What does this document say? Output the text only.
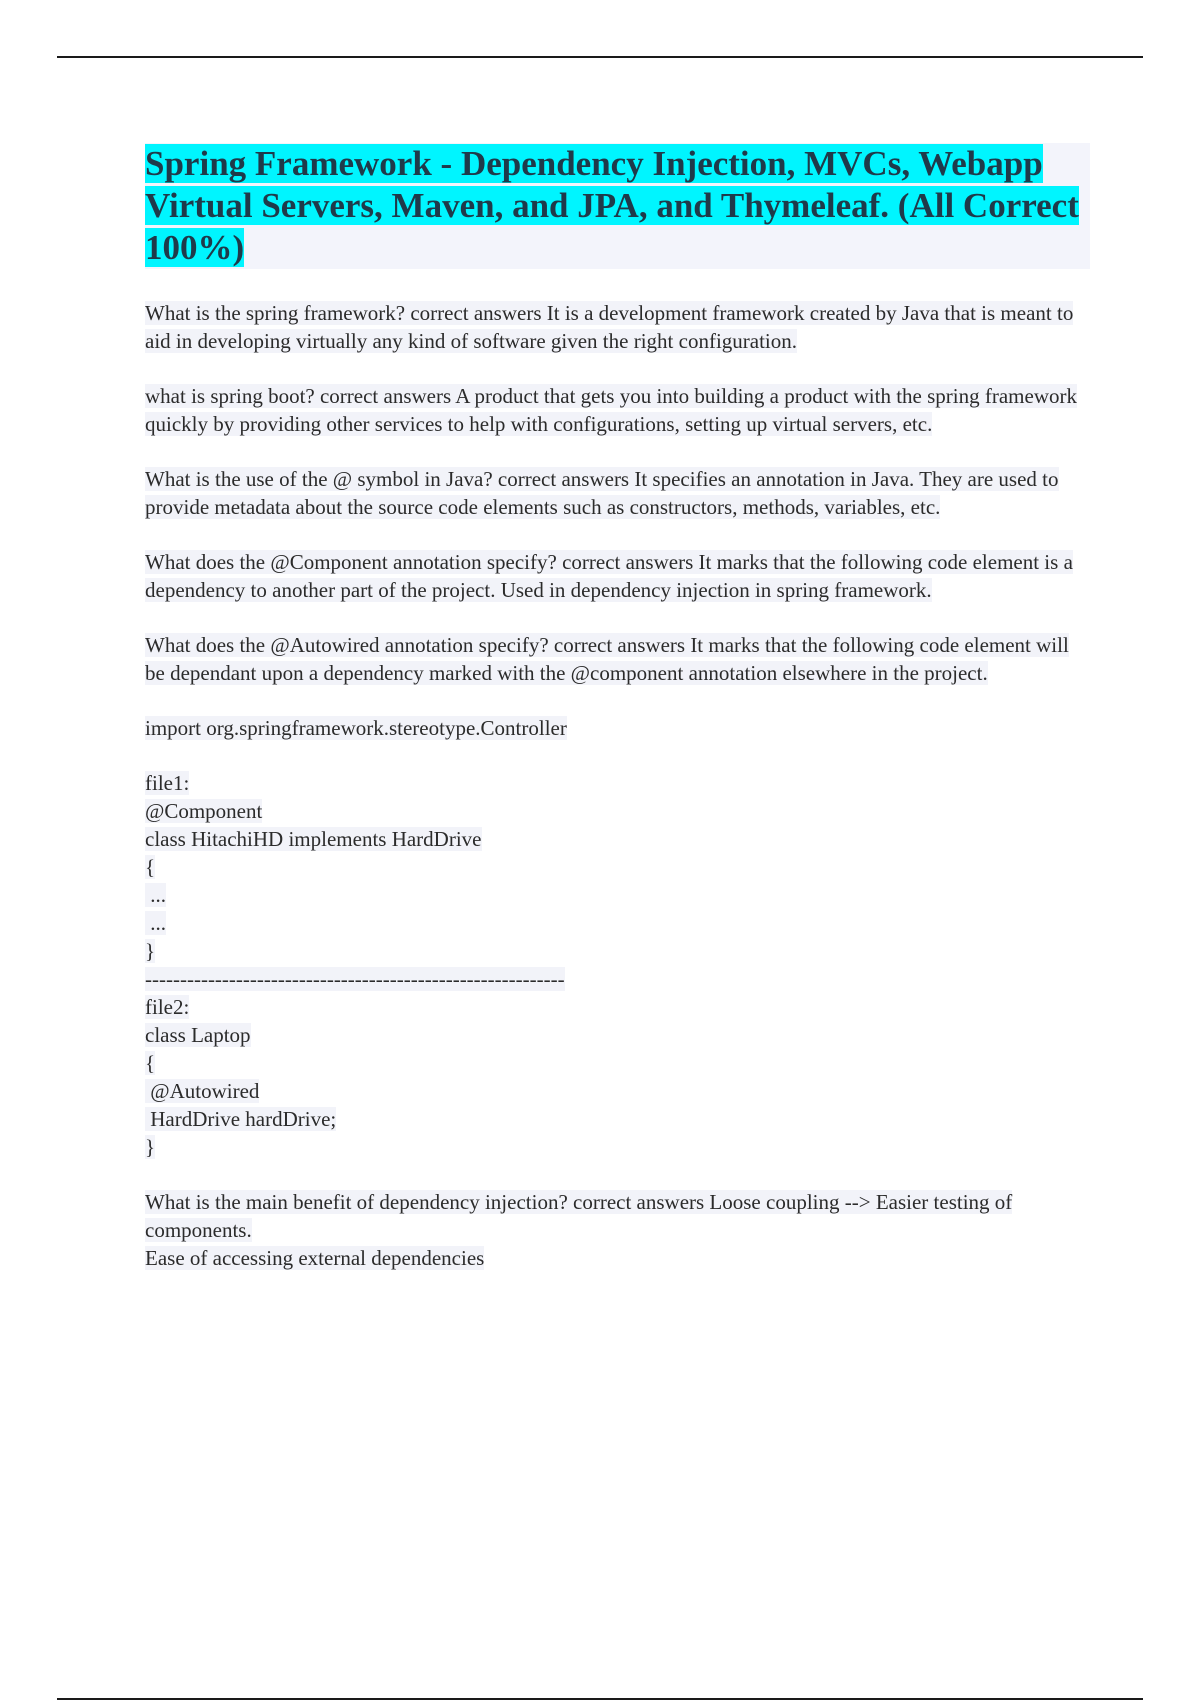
Spring Framework - Dependency Injection, MVCs, Webapp Virtual Servers, Maven, and JPA, and Thymeleaf. (All Correct 100%)

What is the spring framework? correct answers It is a development framework created by Java that is meant to aid in developing virtually any kind of software given the right configuration.

what is spring boot? correct answers A product that gets you into building a product with the spring framework quickly by providing other services to help with configurations, setting up virtual servers, etc.

What is the use of the @ symbol in Java? correct answers It specifies an annotation in Java. They are used to provide metadata about the source code elements such as constructors, methods, variables, etc.

What does the @Component annotation specify? correct answers It marks that the following code element is a dependency to another part of the project. Used in dependency injection in spring framework.

What does the @Autowired annotation specify? correct answers It marks that the following code element will be dependant upon a dependency marked with the @component annotation elsewhere in the project.

import org.springframework.stereotype.Controller

file1:

@Component

class HitachiHD implements HardDrive

{

...

...

}

------------------------------------------------------------

file2:

class Laptop

{

@Autowired

HardDrive hardDrive;

}

What is the main benefit of dependency injection? correct answers Loose coupling --> Easier testing of components.

Ease of accessing external dependencies
